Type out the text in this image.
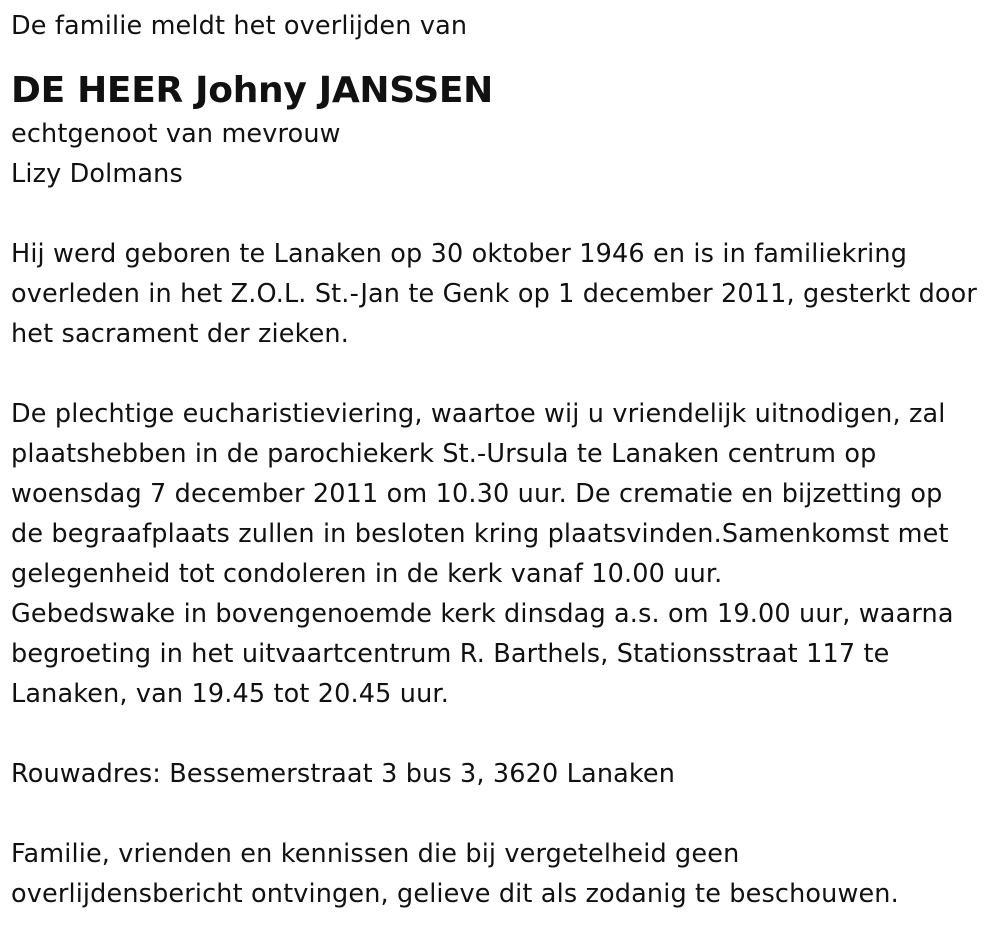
De familie meldt het overlijden van
DE HEER Johny JANSSEN
echtgenoot van mevrouw
Lizy Dolmans
Hij werd geboren te Lanaken op 30 oktober 1946 en is in familiekring
overleden in het Z.O.L. St.-Jan te Genk op 1 december 2011, gesterkt door
het sacrament der zieken.
De plechtige eucharistieviering, waartoe wij u vriendelijk uitnodigen, zal
plaatshebben in de parochiekerk St.-Ursula te Lanaken centrum op
woensdag 7 december 2011 om 10.30 uur. De crematie en bijzetting op
de begraafplaats zullen in besloten kring plaatsvinden.Samenkomst met
gelegenheid tot condoleren in de kerk vanaf 10.00 uur.
Gebedswake in bovengenoemde kerk dinsdag a.s. om 19.00 uur, waarna
begroeting in het uitvaartcentrum R. Barthels, Stationsstraat 117 te
Lanaken, van 19.45 tot 20.45 uur.
Rouwadres: Bessemerstraat 3 bus 3, 3620 Lanaken
Familie, vrienden en kennissen die bij vergetelheid geen
overlijdensbericht ontvingen, gelieve dit als zodanig te beschouwen.
